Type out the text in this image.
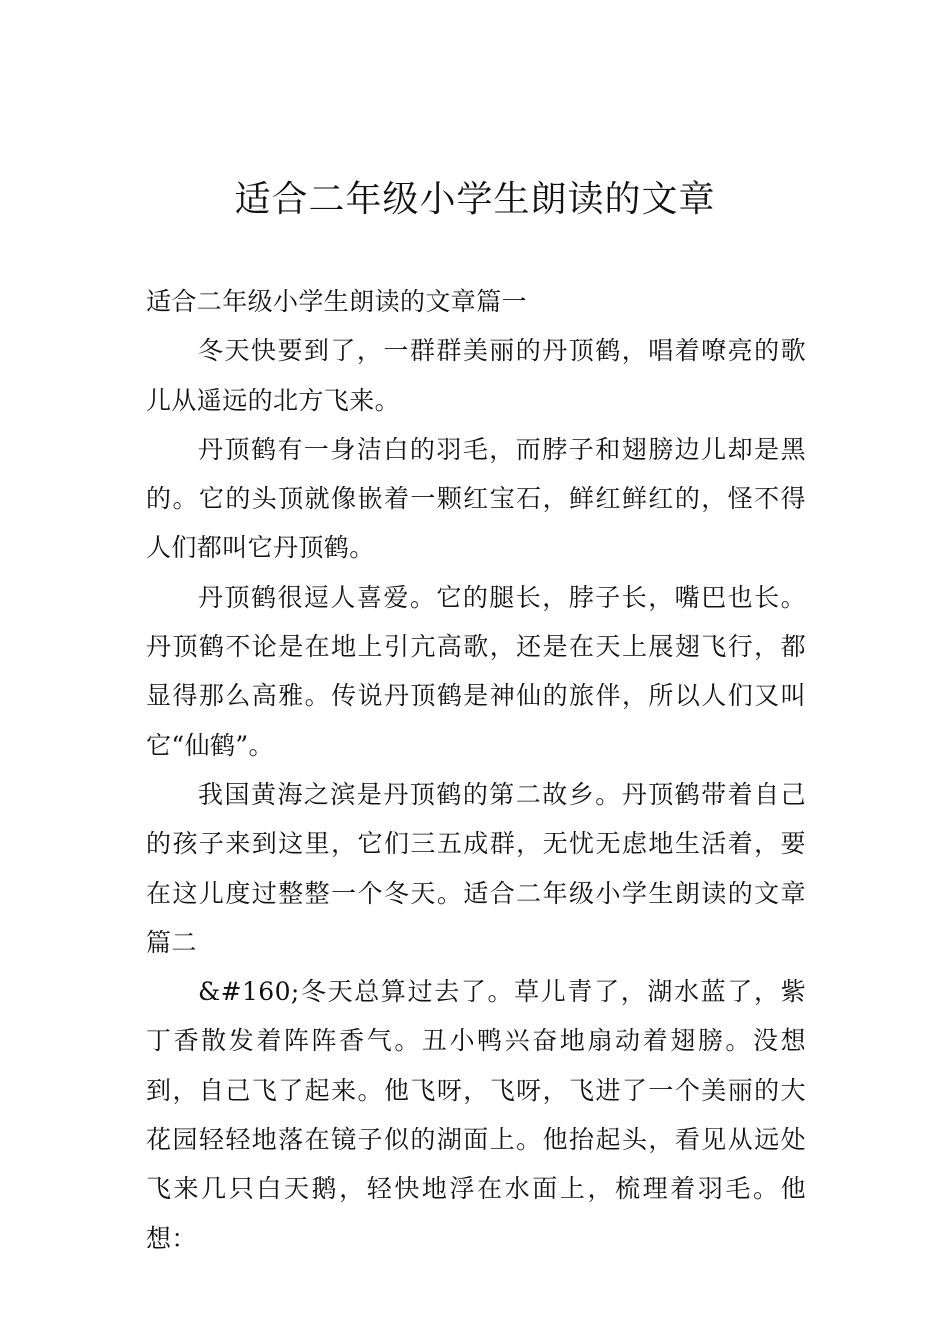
适合二年级小学生朗读的文章

适合二年级小学生朗读的文章篇一

冬天快要到了，一群群美丽的丹顶鹤，唱着嘹亮的歌儿从遥远的北方飞来。

丹顶鹤有一身洁白的羽毛，而脖子和翅膀边儿却是黑的。它的头顶就像嵌着一颗红宝石，鲜红鲜红的，怪不得人们都叫它丹顶鹤。

丹顶鹤很逗人喜爱。它的腿长，脖子长，嘴巴也长。丹顶鹤不论是在地上引亢高歌，还是在天上展翅飞行，都显得那么高雅。传说丹顶鹤是神仙的旅伴，所以人们又叫它“仙鹤”。

我国黄海之滨是丹顶鹤的第二故乡。丹顶鹤带着自己的孩子来到这里，它们三五成群，无忧无虑地生活着，要在这儿度过整整一个冬天。适合二年级小学生朗读的文章篇二

&#160;冬天总算过去了。草儿青了，湖水蓝了，紫丁香散发着阵阵香气。丑小鸭兴奋地扇动着翅膀。没想到，自己飞了起来。他飞呀，飞呀，飞进了一个美丽的大花园轻轻地落在镜子似的湖面上。他抬起头，看见从远处飞来几只白天鹅，轻快地浮在水面上，梳理着羽毛。他想：
